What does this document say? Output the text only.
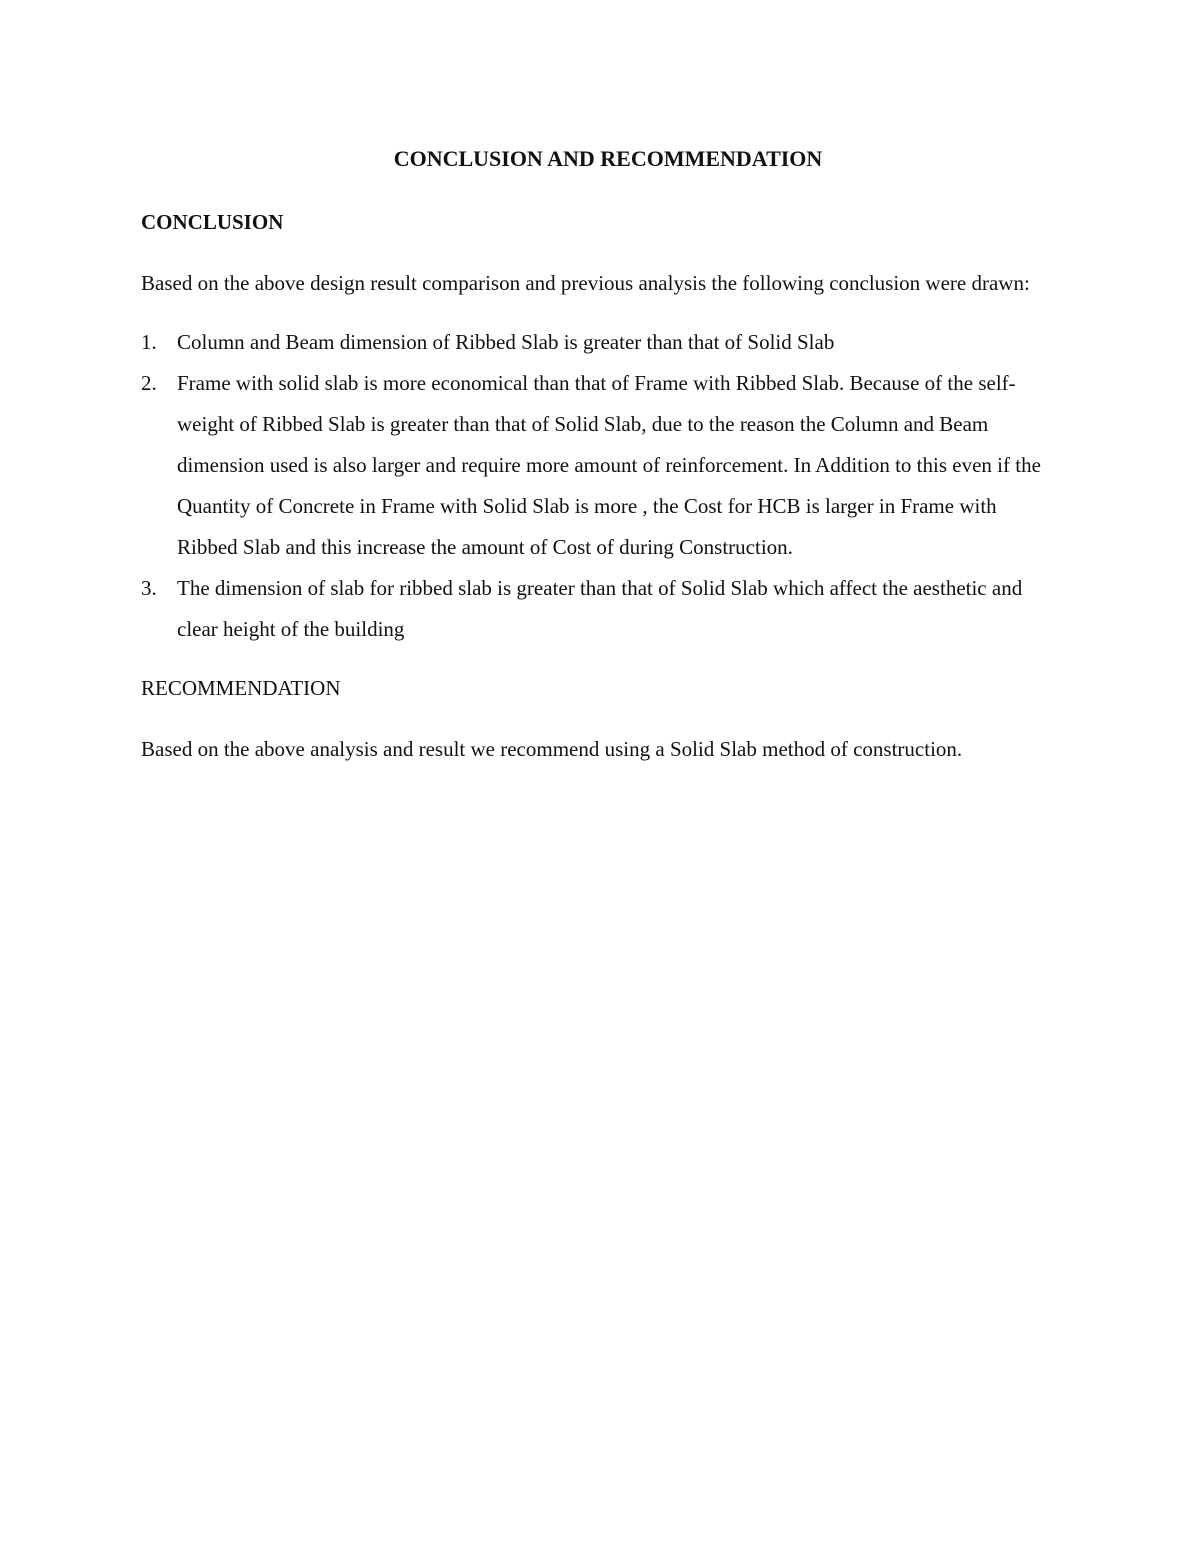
CONCLUSION AND RECOMMENDATION
CONCLUSION

Based on the above design result comparison and previous analysis the following conclusion were drawn:

1. Column and Beam dimension of Ribbed Slab is greater than that of Solid Slab
2. Frame with solid slab is more economical than that of Frame with Ribbed Slab. Because of the self-weight of Ribbed Slab is greater than that of Solid Slab, due to the reason the Column and Beam dimension used is also larger and require more amount of reinforcement. In Addition to this even if the Quantity of Concrete in Frame with Solid Slab is more , the Cost for HCB is larger in Frame with Ribbed Slab and this increase the amount of Cost of during Construction.
3. The dimension of slab for ribbed slab is greater than that of Solid Slab which affect the aesthetic and clear height of the building
RECOMMENDATION

Based on the above analysis and result we recommend using a Solid Slab method of construction.
